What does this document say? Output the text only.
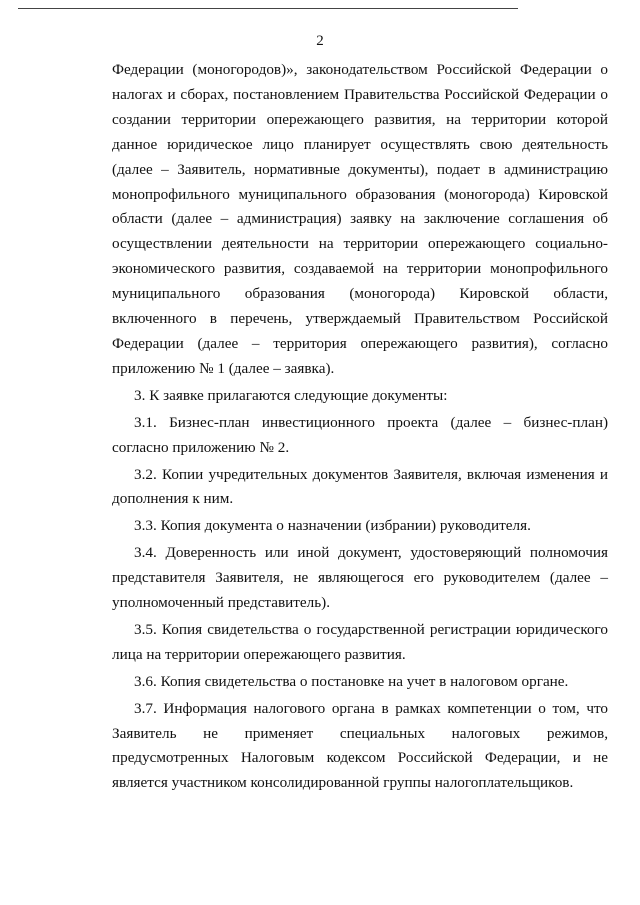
2

Федерации (моногородов)», законодательством Российской Федерации о налогах и сборах, постановлением Правительства Российской Федерации о создании территории опережающего развития, на территории которой данное юридическое лицо планирует осуществлять свою деятельность (далее – Заявитель, нормативные документы), подает в администрацию монопрофильного муниципального образования (моногорода) Кировской области (далее – администрация) заявку на заключение соглашения об осуществлении деятельности на территории опережающего социально-экономического развития, создаваемой на территории монопрофильного муниципального образования (моногорода) Кировской области, включенного в перечень, утверждаемый Правительством Российской Федерации (далее – территория опережающего развития), согласно приложению № 1 (далее – заявка).

3. К заявке прилагаются следующие документы:

3.1. Бизнес-план инвестиционного проекта (далее – бизнес-план) согласно приложению № 2.

3.2. Копии учредительных документов Заявителя, включая изменения и дополнения к ним.

3.3. Копия документа о назначении (избрании) руководителя.

3.4. Доверенность или иной документ, удостоверяющий полномочия представителя Заявителя, не являющегося его руководителем (далее – уполномоченный представитель).

3.5. Копия свидетельства о государственной регистрации юридического лица на территории опережающего развития.

3.6. Копия свидетельства о постановке на учет в налоговом органе.

3.7. Информация налогового органа в рамках компетенции о том, что Заявитель не применяет специальных налоговых режимов, предусмотренных Налоговым кодексом Российской Федерации, и не является участником консолидированной группы налогоплательщиков.
